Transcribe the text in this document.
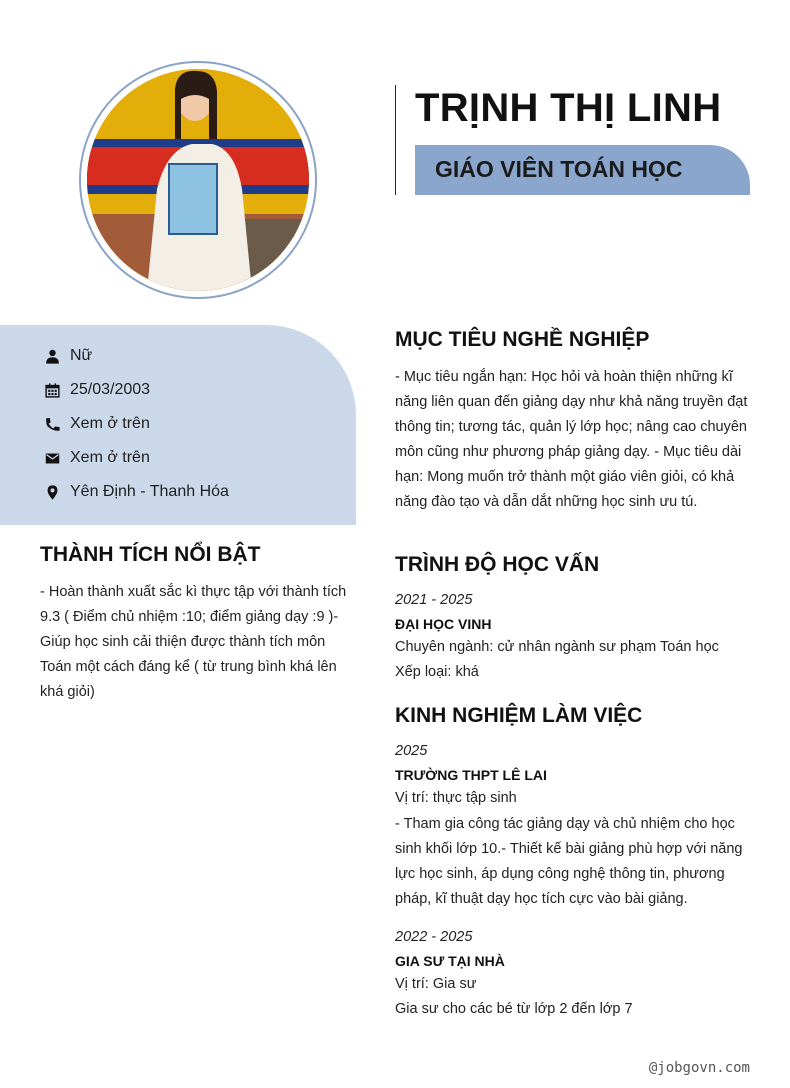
TRỊNH THỊ LINH
GIÁO VIÊN TOÁN HỌC
Nữ
25/03/2003
Xem ở trên
Xem ở trên
Yên Định - Thanh Hóa
THÀNH TÍCH NỔI BẬT
- Hoàn thành xuất sắc kì thực tập với thành tích 9.3 ( Điểm chủ nhiệm :10; điểm giảng dạy :9 )- Giúp học sinh cải thiện được thành tích môn Toán một cách đáng kể ( từ trung bình khá lên khá giỏi)
MỤC TIÊU NGHỀ NGHIỆP
- Mục tiêu ngắn hạn: Học hỏi và hoàn thiện những kĩ năng liên quan đến giảng dạy như khả năng truyền đạt thông tin; tương tác, quản lý lớp học; nâng cao chuyên môn cũng như phương pháp giảng dạy. - Mục tiêu dài hạn: Mong muốn trở thành một giáo viên giỏi, có khả năng đào tạo và dẫn dắt những học sinh ưu tú.
TRÌNH ĐỘ HỌC VẤN
2021 - 2025
ĐẠI HỌC VINH
Chuyên ngành: cử nhân ngành sư phạm Toán học
Xếp loại: khá
KINH NGHIỆM LÀM VIỆC
2025
TRƯỜNG THPT LÊ LAI
Vị trí: thực tập sinh
- Tham gia công tác giảng dạy và chủ nhiệm cho học sinh khối lớp 10.- Thiết kế bài giảng phù hợp với năng lực học sinh, áp dụng công nghệ thông tin, phương pháp, kĩ thuật dạy học tích cực vào bài giảng.
2022 - 2025
GIA SƯ TẠI NHÀ
Vị trí: Gia sư
Gia sư cho các bé từ lớp 2 đến lớp 7
@jobgovn.com
